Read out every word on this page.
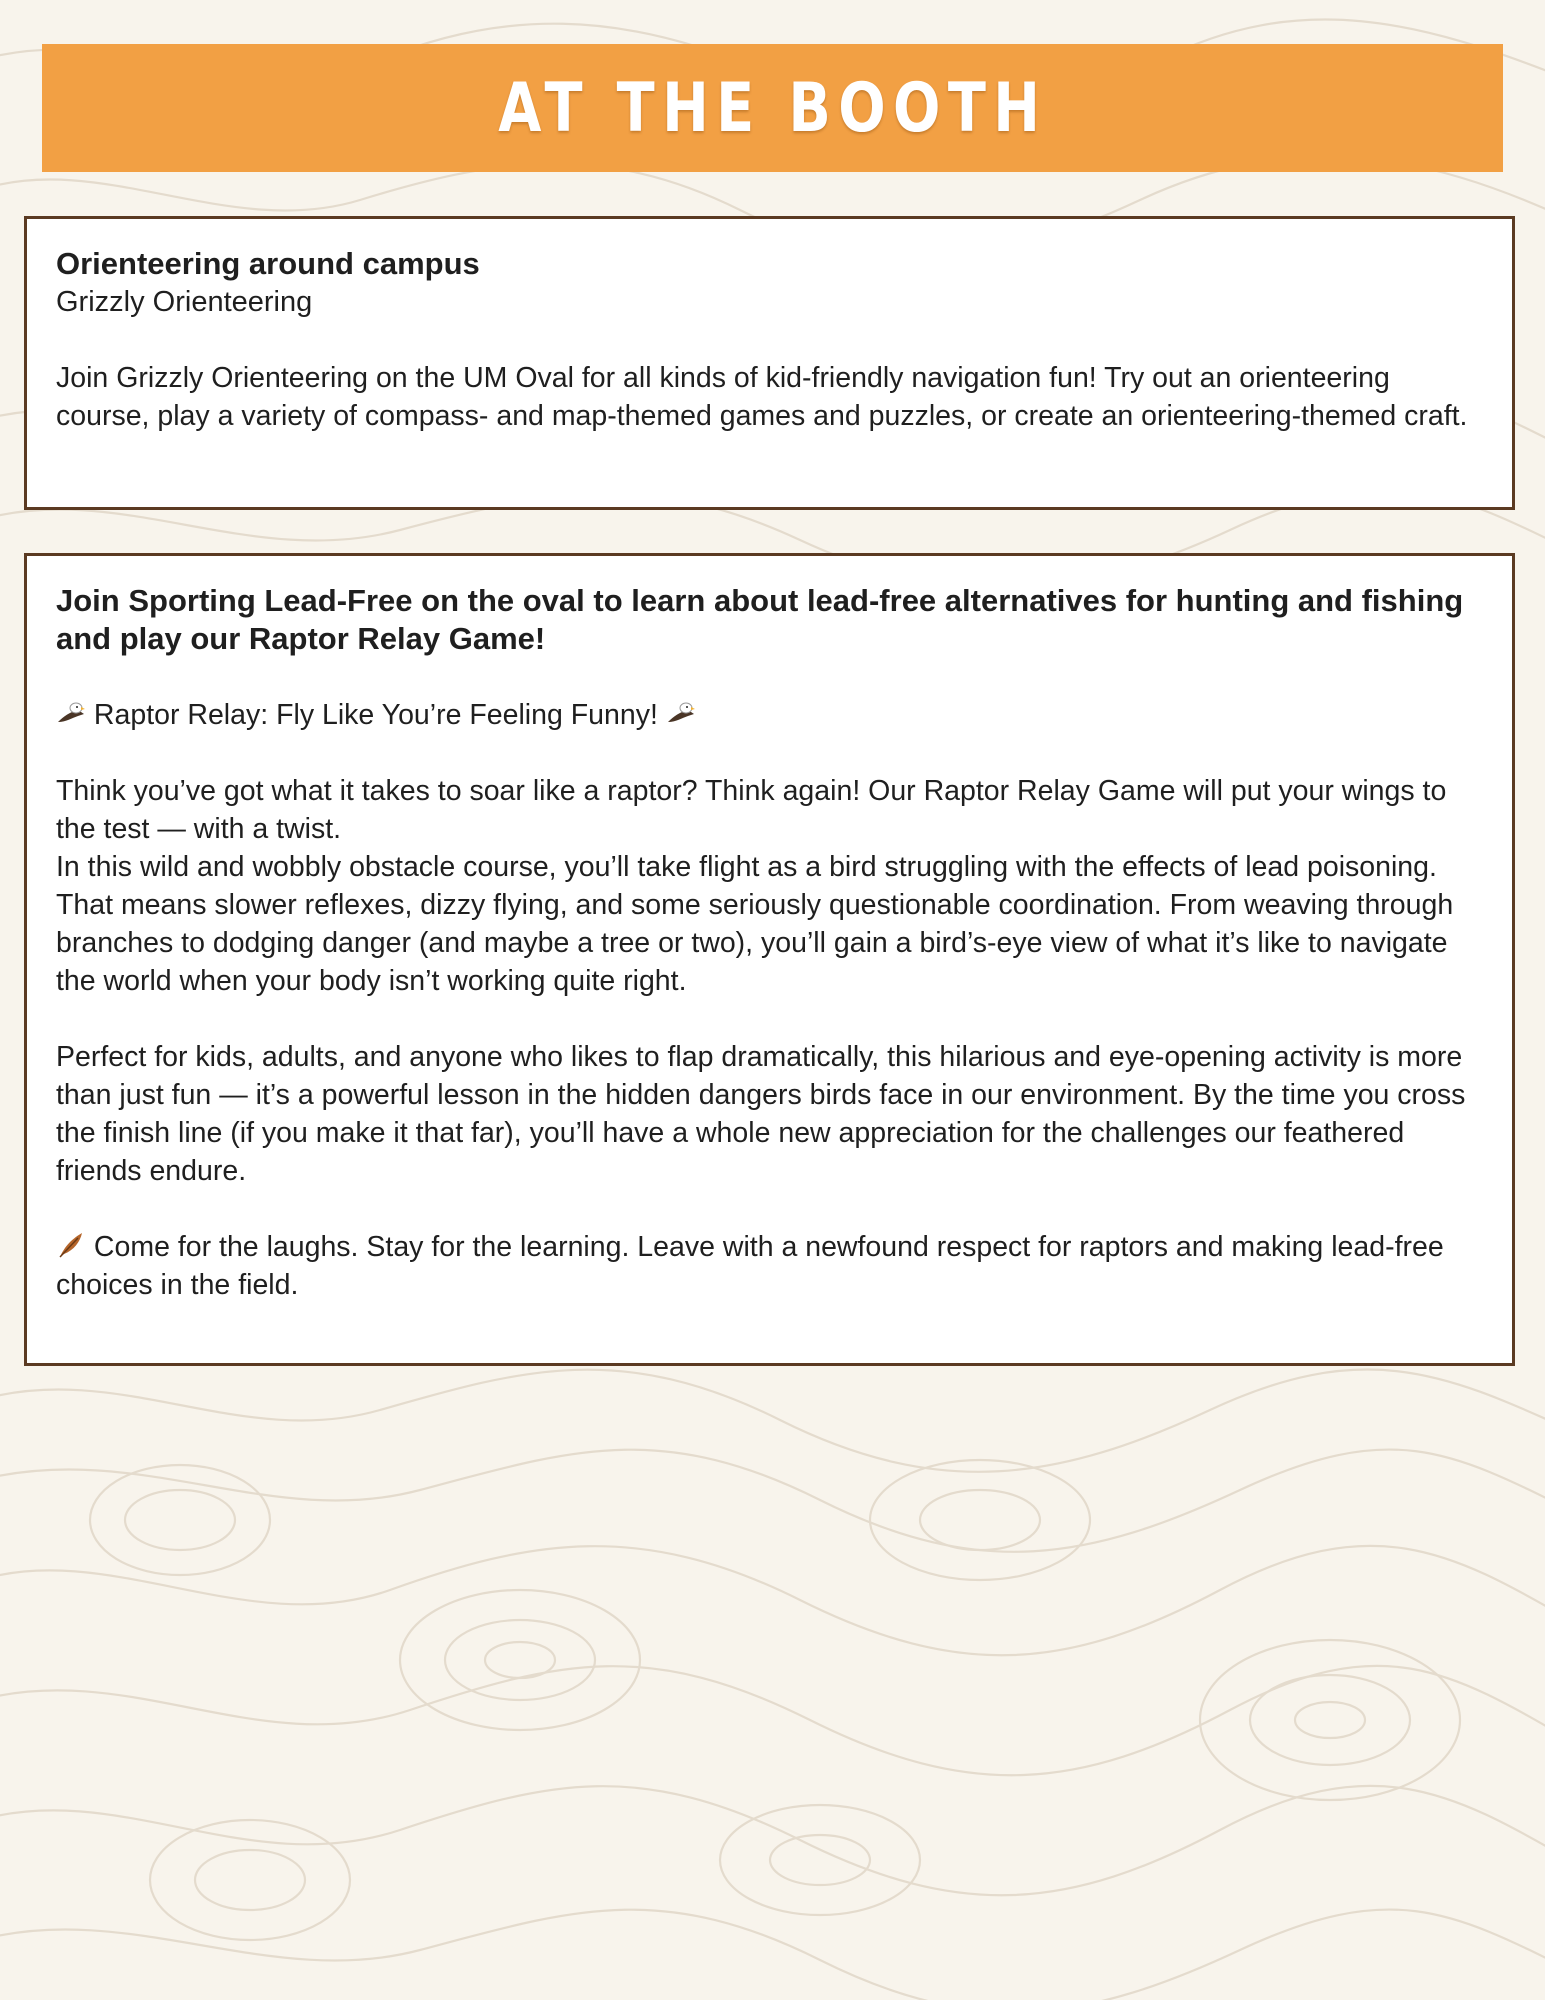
AT THE BOOTH

Orienteering around campus

Grizzly Orienteering

Join Grizzly Orienteering on the UM Oval for all kinds of kid-friendly navigation fun! Try out an orienteering course, play a variety of compass- and map-themed games and puzzles, or create an orienteering-themed craft.

Join Sporting Lead-Free on the oval to learn about lead-free alternatives for hunting and fishing and play our Raptor Relay Game!

Raptor Relay: Fly Like You’re Feeling Funny!

Think you’ve got what it takes to soar like a raptor? Think again! Our Raptor Relay Game will put your wings to the test — with a twist.

In this wild and wobbly obstacle course, you’ll take flight as a bird struggling with the effects of lead poisoning. That means slower reflexes, dizzy flying, and some seriously questionable coordination. From weaving through branches to dodging danger (and maybe a tree or two), you’ll gain a bird’s-eye view of what it’s like to navigate the world when your body isn’t working quite right.

Perfect for kids, adults, and anyone who likes to flap dramatically, this hilarious and eye-opening activity is more than just fun — it’s a powerful lesson in the hidden dangers birds face in our environment. By the time you cross the finish line (if you make it that far), you’ll have a whole new appreciation for the challenges our feathered friends endure.

Come for the laughs. Stay for the learning. Leave with a newfound respect for raptors and making lead-free choices in the field.
